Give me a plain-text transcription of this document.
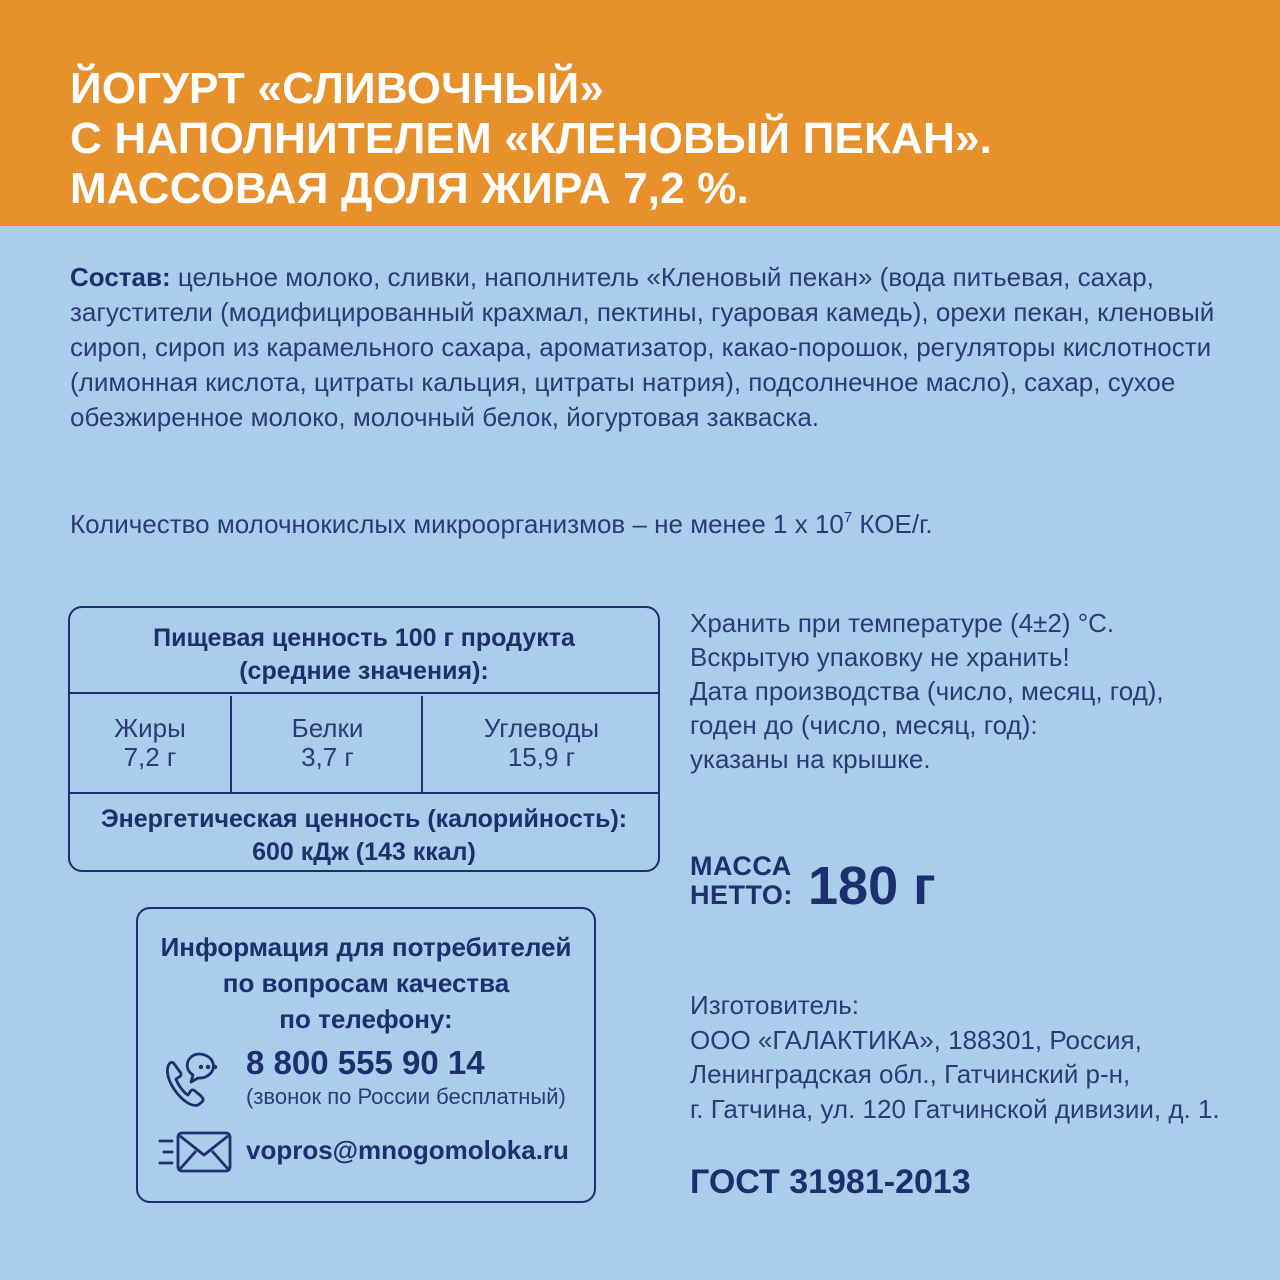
ЙОГУРТ «СЛИВОЧНЫЙ»
С НАПОЛНИТЕЛЕМ «КЛЕНОВЫЙ ПЕКАН».
МАССОВАЯ ДОЛЯ ЖИРА 7,2 %.
Состав: цельное молоко, сливки, наполнитель «Кленовый пекан» (вода питьевая, сахар, загустители (модифицированный крахмал, пектины, гуаровая камедь), орехи пекан, кленовый сироп, сироп из карамельного сахара, ароматизатор, какао-порошок, регуляторы кислотности (лимонная кислота, цитраты кальция, цитраты натрия), подсолнечное масло), сахар, сухое обезжиренное молоко, молочный белок, йогуртовая закваска.
Количество молочнокислых микроорганизмов – не менее 1 х $10^7$ КОЕ/г.
Пищевая ценность 100 г продукта
(средние значения):
Жиры
7,2 г
Белки
3,7 г
Углеводы
15,9 г
Энергетическая ценность (калорийность):
600 кДж (143 ккал)
Хранить при температуре (4±2) °С.
Вскрытую упаковку не хранить!
Дата производства (число, месяц, год),
годен до (число, месяц, год):
указаны на крышке.
МАССА
НЕТТО: 180 г
Информация для потребителей
по вопросам качества
по телефону:
8 800 555 90 14
(звонок по России бесплатный)
vopros@mnogomoloka.ru
Изготовитель:
ООО «ГАЛАКТИКА», 188301, Россия,
Ленинградская обл., Гатчинский р-н,
г. Гатчина, ул. 120 Гатчинской дивизии, д. 1.
ГОСТ 31981-2013
